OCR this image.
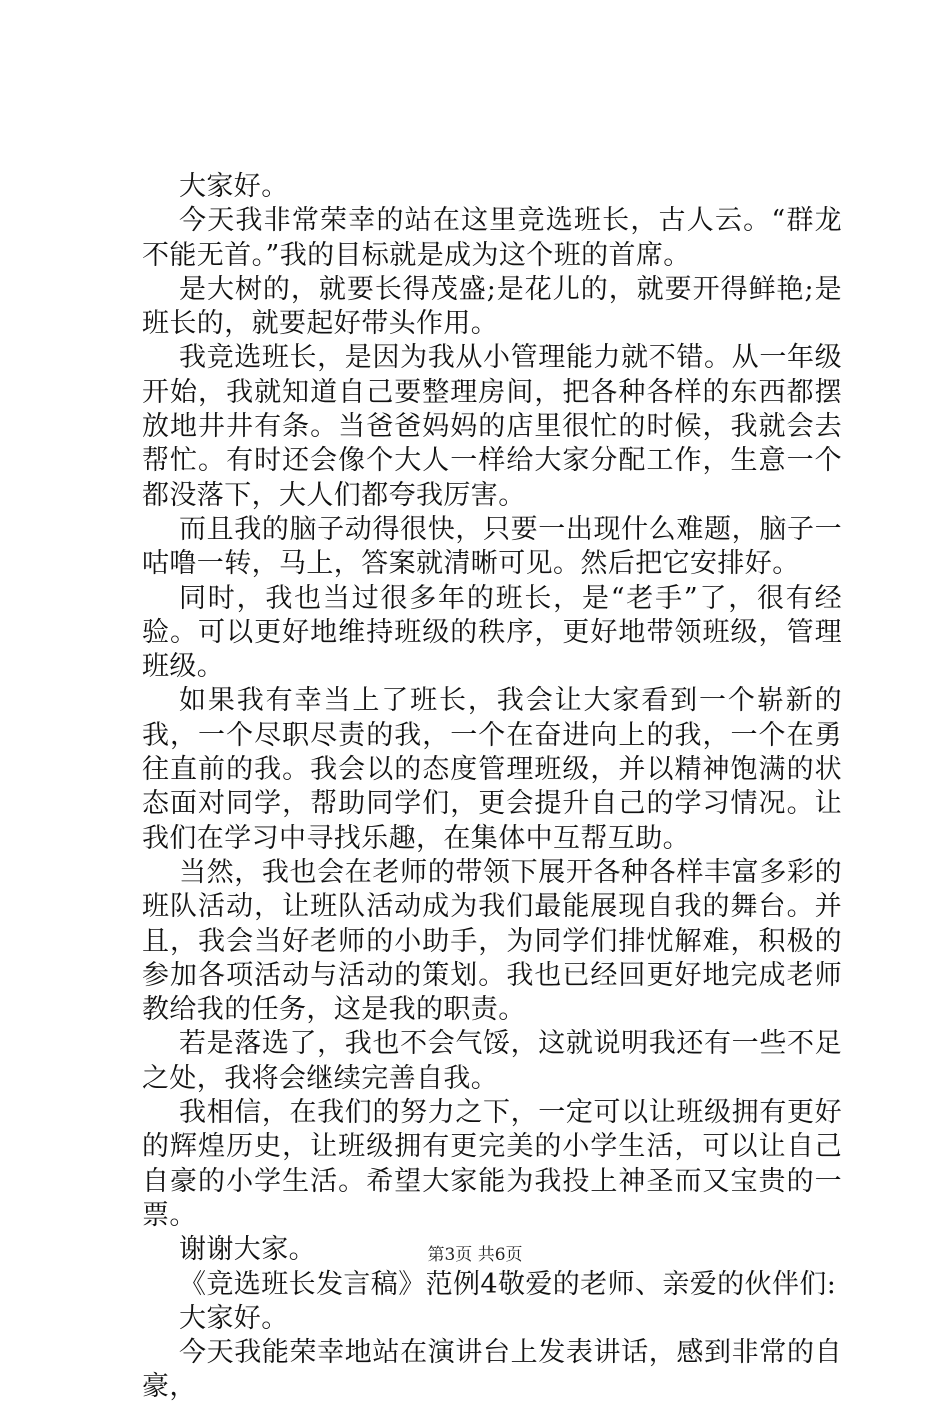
大家好。

今天我非常荣幸的站在这里竞选班长，古人云。“群龙不能无首。”我的目标就是成为这个班的首席。

是大树的，就要长得茂盛;是花儿的，就要开得鲜艳;是班长的，就要起好带头作用。

我竞选班长，是因为我从小管理能力就不错。从一年级开始，我就知道自己要整理房间，把各种各样的东西都摆放地井井有条。当爸爸妈妈的店里很忙的时候，我就会去帮忙。有时还会像个大人一样给大家分配工作，生意一个都没落下，大人们都夸我厉害。

而且我的脑子动得很快，只要一出现什么难题，脑子一咕噜一转，马上，答案就清晰可见。然后把它安排好。

同时，我也当过很多年的班长，是“老手”了，很有经验。可以更好地维持班级的秩序，更好地带领班级，管理班级。

如果我有幸当上了班长，我会让大家看到一个崭新的我，一个尽职尽责的我，一个在奋进向上的我，一个在勇往直前的我。我会以的态度管理班级，并以精神饱满的状态面对同学，帮助同学们，更会提升自己的学习情况。让我们在学习中寻找乐趣，在集体中互帮互助。

当然，我也会在老师的带领下展开各种各样丰富多彩的班队活动，让班队活动成为我们最能展现自我的舞台。并且，我会当好老师的小助手，为同学们排忧解难，积极的参加各项活动与活动的策划。我也已经回更好地完成老师教给我的任务，这是我的职责。

若是落选了，我也不会气馁，这就说明我还有一些不足之处，我将会继续完善自我。

我相信，在我们的努力之下，一定可以让班级拥有更好的辉煌历史，让班级拥有更完美的小学生活，可以让自己自豪的小学生活。希望大家能为我投上神圣而又宝贵的一票。

谢谢大家。

《竞选班长发言稿》范例4敬爱的老师、亲爱的伙伴们:

大家好。

今天我能荣幸地站在演讲台上发表讲话，感到非常的自豪，

第3页 共6页
